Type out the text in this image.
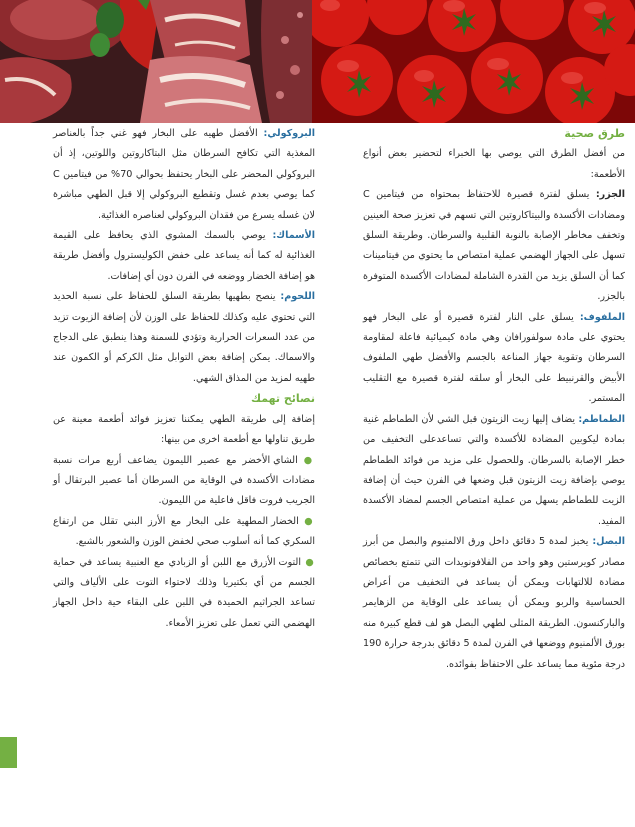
طرق صحية

من أفضل الطرق التي يوصي بها الخبراء لتحضير بعض أنواع الأطعمة:

الجزر: يسلق لفترة قصيرة للاحتفاظ بمحتواه من فيتامين C ومضادات الأكسدة والبيتاكاروتين التي تسهم في تعزيز صحة العينين وتخفف مخاطر الإصابة بالنوبة القلبية والسرطان. وطريقة السلق تسهل على الجهاز الهضمي عملية امتصاص ما يحتوي من فيتامينات كما أن السلق يزيد من القدرة الشاملة لمضادات الأكسدة المتوفرة بالجزر.

الملفوف: يسلق على النار لفترة قصيرة أو على البخار فهو يحتوي على مادة سولفورافان وهي مادة كيميائية فاعلة لمقاومة السرطان وتقوية جهاز المناعة بالجسم والأفضل طهي الملفوف الأبيض والقرنبيط على البخار أو سلقه لفترة قصيرة مع التقليب المستمر.

الطماطم: يضاف إليها زيت الزيتون قبل الشي لأن الطماطم غنية بمادة ليكوبين المضادة للأكسدة والتي تساعدعلى التخفيف من خطر الإصابة بالسرطان. وللحصول على مزيد من فوائد الطماطم يوصي بإضافة زيت الزيتون قبل وضعها في الفرن حيث أن إضافة الزيت للطماطم يسهل من عملية امتصاص الجسم لمضاد الأكسدة المفيد.

البصل: يخبز لمدة 5 دقائق داخل ورق الالمنيوم والبصل من أبرز مصادر كويرستين وهو واحد من الفلافونويدات التي تتمتع بخصائص مضادة للالتهابات ويمكن أن يساعد في التخفيف من أعراض الحساسية والربو ويمكن أن يساعد على الوقاية من الزهايمر والباركنسون. الطريقة المثلى لطهي البصل هو لف قطع كبيرة منه بورق الألمنيوم ووضعها في الفرن لمدة 5 دقائق بدرجة حرارة 190 درجة مئوية مما يساعد على الاحتفاظ بفوائده.

البروكولي: الأفضل طهيه على البخار فهو غني جداً بالعناصر المغذية التي تكافح السرطان مثل البتاكاروتين واللوتين، إذ أن البروكولي المحضر على البخار يحتفظ بحوالي 70% من فيتامين C كما يوصي بعدم غسل وتقطيع البروكولي إلا قبل الطهي مباشرة لان غسله يسرع من فقدان البروكولي لعناصره الغذائية.

الأسماك: يوصي بالسمك المشوي الذي يحافظ على القيمة الغذائية له كما أنه يساعد على خفض الكوليسترول وأفضل طريقة هو إضافة الخضار ووضعه في الفرن دون أي إضافات.

اللحوم: ينصح بطهيها بطريقة السلق للحفاظ على نسبة الحديد التي تحتوي عليه وكذلك للحفاظ على الوزن لأن إضافة الزيوت تزيد من عدد السعرات الحرارية وتؤدي للسمنة وهذا ينطبق على الدجاج والاسماك. يمكن إضافة بعض التوابل مثل الكركم أو الكمون عند طهيه لمزيد من المذاق الشهي.

نصائح تهمك

إضافة إلى طريقة الطهي يمكننا تعزيز فوائد أطعمة معينة عن طريق تناولها مع أطعمة اخرى من بينها:

● الشاي الأخضر مع عصير الليمون يضاعف أربع مرات نسبة مضادات الأكسدة في الوقاية من السرطان أما عصير البرتقال أو الجريب فروت فاقل فاعلية من الليمون.

● الخضار المطهية على البخار مع الأرز البني تقلل من ارتفاع السكري كما أنه أسلوب صحي لخفض الوزن والشعور بالشبع.

● التوت الأزرق مع اللبن أو الزبادي مع العنبية يساعد في حماية الجسم من أي بكتيريا وذلك لاحتواء التوت على الألياف والتي تساعد الجراثيم الحميدة في اللبن على البقاء حية داخل الجهاز الهضمي التي تعمل على تعزيز الأمعاء.
